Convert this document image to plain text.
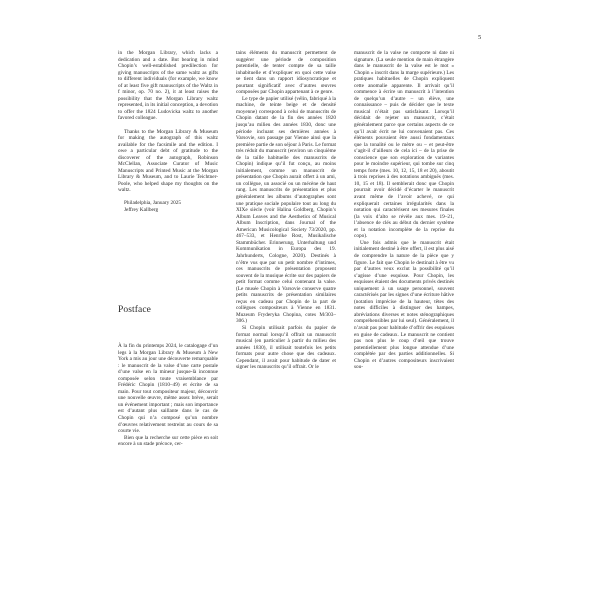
5

in the Morgan Library, which lacks a dedication and a date. But bearing in mind Chopin’s well-established predilection for giving manuscripts of the same waltz as gifts to different individuals (for example, we know of at least five gift manuscripts of the Waltz in f minor, op. 70 no. 2), it at least raises the possibility that the Morgan Library waltz represented, in its initial conception, a devotion to offer the 1824 Ludovicka waltz to another favored colleague.

Thanks to the Morgan Library & Museum for making the autograph of this waltz available for the facsimile and the edition. I owe a particular debt of gratitude to the discoverer of the autograph, Robinson McClellan, Associate Curator of Music Manuscripts and Printed Music at the Morgan Library & Museum, and to Laurie Teichtner-Poole, who helped shape my thoughts on the waltz.

Philadelphia, January 2025

Jeffrey Kallberg

Postface

À la fin du printemps 2024, le catalogage d’un legs à la Morgan Library & Museum à New York a mis au jour une découverte remarquable : le manuscrit de la valse d’une carte postale d’une valse en la mineur jusque-là inconnue composée selon toute vraisemblance par Frédéric Chopin (1810–49) et écrite de sa main. Pour tout compositeur majeur, découvrir une nouvelle œuvre, même assez brève, serait un événement important ; mais son importance est d’autant plus saillante dans le cas de Chopin qui n’a composé qu’un nombre d’œuvres relativement restreint au cours de sa courte vie.

Bien que la recherche sur cette pièce en soit encore à un stade précoce, cer-

tains éléments du manuscrit permettent de suggérer une période de composition potentielle, de tenter compte de sa taille inhabituelle et d’expliquer en quoi cette valse se tient dans un rapport idiosyncratique et pourtant significatif avec d’autres œuvres composées par Chopin appartenant à ce genre.

Le type de papier utilisé (vélin, fabriqué à la machine, de teinte beige et de densité moyenne) correspond à celui de manuscrits de Chopin datant de la fin des années 1820 jusqu’au milieu des années 1830, donc une période incluant ses dernières années à Varsovie, son passage par Vienne ainsi que la première partie de son séjour à Paris. Le format très réduit du manuscrit (environ un cinquième de la taille habituelle des manuscrits de Chopin) indique qu’il fut conçu, au moins initialement, comme un manuscrit de présentation que Chopin aurait offert à un ami, un collègue, un associé ou un mécène de haut rang. Les manuscrits de présentation et plus généralement les albums d’autographes sont une pratique sociale populaire tout au long du XIXe siècle (voir Halina Goldberg, Chopin’s Album Leaves and the Aesthetics of Musical Album Inscription, dans Journal of the American Musicological Society 73/2020, pp. 467–533, et Henrike Rost, Musikalische Stammbücher. Erinnerung, Unterhaltung und Kommunikation in Europa des 19. Jahrhunderts, Cologne, 2020). Destinés à n’être vus que par un petit nombre d’intimes, ces manuscrits de présentation proposent souvent de la musique écrite sur des papiers de petit format comme celui contenant la valse. (Le musée Chopin à Varsovie conserve quatre petits manuscrits de présentation similaires reçus en cadeau par Chopin de la part de collègues compositeurs à Vienne en 1831. Muzeum Fryderyka Chopina, cotes M/303–306.)

Si Chopin utilisait parfois du papier de format normal lorsqu’il offrait un manuscrit musical (en particulier à partir du milieu des années 1830), il utilisait toutefois les petits formats pour autre chose que des cadeaux. Cependant, il avait pour habitude de dater et signer les manuscrits qu’il offrait. Or le

manuscrit de la valse ne comporte ni date ni signature. (La seule mention de main étrangère dans le manuscrit de la valse est le mot « Chopin » inscrit dans la marge supérieure.) Les pratiques habituelles de Chopin expliquent cette anomalie apparente. Il arrivait qu’il commence à écrire un manuscrit à l’intention de quelqu’un d’autre – un élève, une connaissance – puis de décider que le texte musical n’était pas satisfaisant. Lorsqu’il décidait de rejeter un manuscrit, c’était généralement parce que certains aspects de ce qu’il avait écrit ne lui convenaient pas. Ces éléments pouvaient être aussi fondamentaux que la tonalité ou le mètre ou – et peut-être s’agit-il d’ailleurs de cela ici – de la prise de conscience que son exploration de variantes pour le moindre supérieur, qui tombe sur cinq temps forte (mes. 10, 12, 15, 18 et 20), aboutit à trois reprises à des notations ambiguës (mes. 10, 15 et 18). Il semblerait donc que Chopin pourrait avoir décidé d’écarter le manuscrit avant même de l’avoir achevé, ce qui expliquerait certaines irrégularités dans la notation qui caractérisent ses mesures finales (la voix d’alto se révèle aux mes. 19–21, l’absence de clés au début du dernier système et la notation incomplète de la reprise du copo).

Une fois admis que le manuscrit était initialement destiné à être offert, il est plus aisé de comprendre la nature de la pièce que y figure. Le fait que Chopin le destinait à être vu par d’autres veux exclut la possibilité qu’il s’agisse d’une esquisse. Pour Chopin, les esquisses étaient des documents privés destinés uniquement à un usage personnel, souvent caractérisés par les signes d’une écriture hâtive (notation imprécise de la hauteur, têtes des notes difficiles à distinguer des hampes, abréviations diverses et notes sténographiques compréhensibles par lui seul). Généralement, il n’avait pas pour habitude d’offrir des esquisses en guise de cadeaux. Le manuscrit ne contient pas non plus le coup d’œil que trouve potentiellement plus longue attendue d’une complétée par des parties additionnelles. Si Chopin et d’autres compositeurs inscrivaient sou-
